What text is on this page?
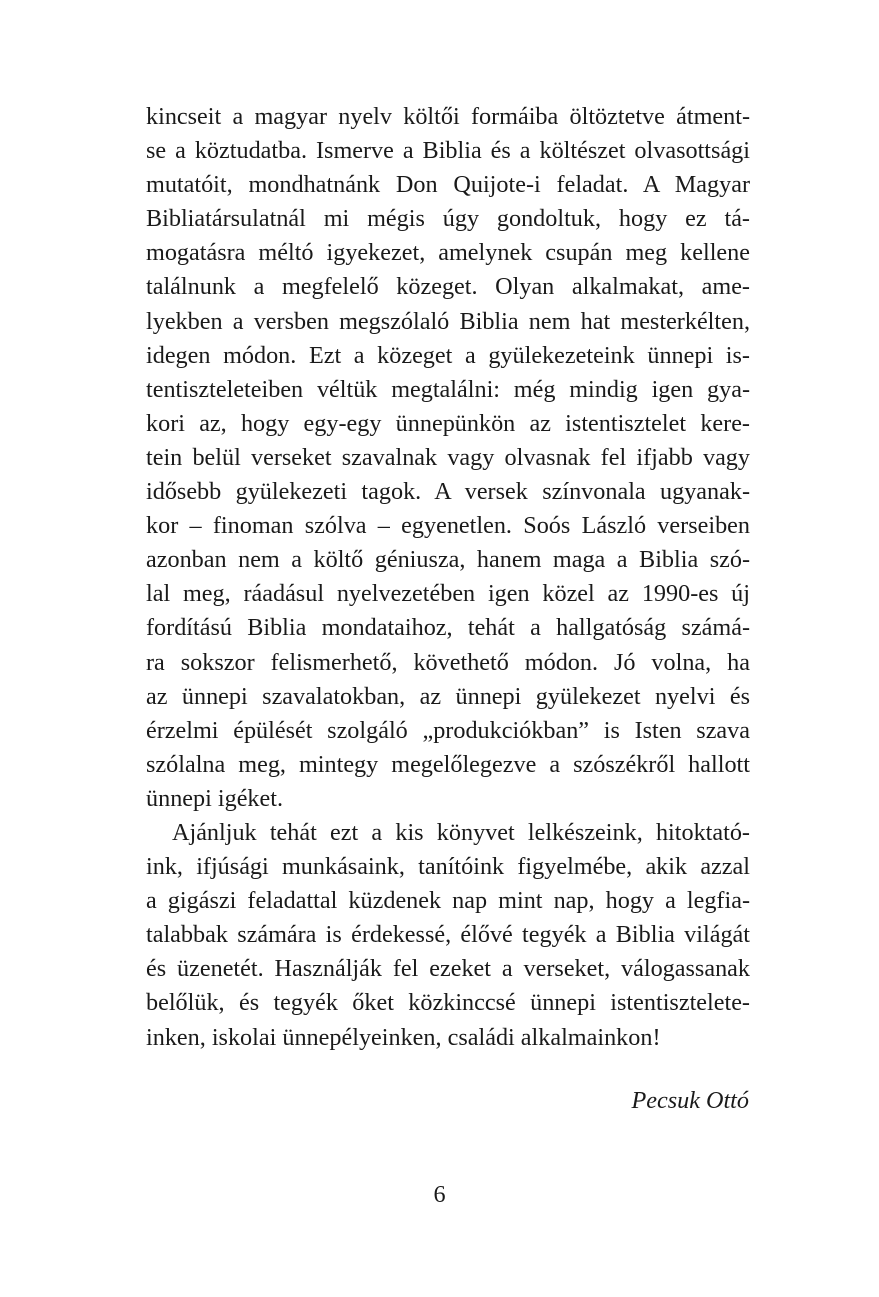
kincseit a magyar nyelv költői formáiba öltöztetve átment-
se a köztudatba. Ismerve a Biblia és a költészet olvasottsági
mutatóit, mondhatnánk Don Quijote-i feladat. A Magyar
Bibliatársulatnál mi mégis úgy gondoltuk, hogy ez tá-
mogatásra méltó igyekezet, amelynek csupán meg kellene
találnunk a megfelelő közeget. Olyan alkalmakat, ame-
lyekben a versben megszólaló Biblia nem hat mesterkélten,
idegen módon. Ezt a közeget a gyülekezeteink ünnepi is-
tentiszteleteiben véltük megtalálni: még mindig igen gya-
kori az, hogy egy-egy ünnepünkön az istentisztelet kere-
tein belül verseket szavalnak vagy olvasnak fel ifjabb vagy
idősebb gyülekezeti tagok. A versek színvonala ugyanak-
kor – finoman szólva – egyenetlen. Soós László verseiben
azonban nem a költő géniusza, hanem maga a Biblia szó-
lal meg, ráadásul nyelvezetében igen közel az 1990-es új
fordítású Biblia mondataihoz, tehát a hallgatóság számá-
ra sokszor felismerhető, követhető módon. Jó volna, ha
az ünnepi szavalatokban, az ünnepi gyülekezet nyelvi és
érzelmi épülését szolgáló „produkciókban” is Isten szava
szólalna meg, mintegy megelőlegezve a szószékről hallott
ünnepi igéket.
Ajánljuk tehát ezt a kis könyvet lelkészeink, hitoktató-
ink, ifjúsági munkásaink, tanítóink figyelmébe, akik azzal
a gigászi feladattal küzdenek nap mint nap, hogy a legfia-
talabbak számára is érdekessé, élővé tegyék a Biblia világát
és üzenetét. Használják fel ezeket a verseket, válogassanak
belőlük, és tegyék őket közkinccsé ünnepi istentisztelete-
inken, iskolai ünnepélyeinken, családi alkalmainkon!
Pecsuk Ottó
6
